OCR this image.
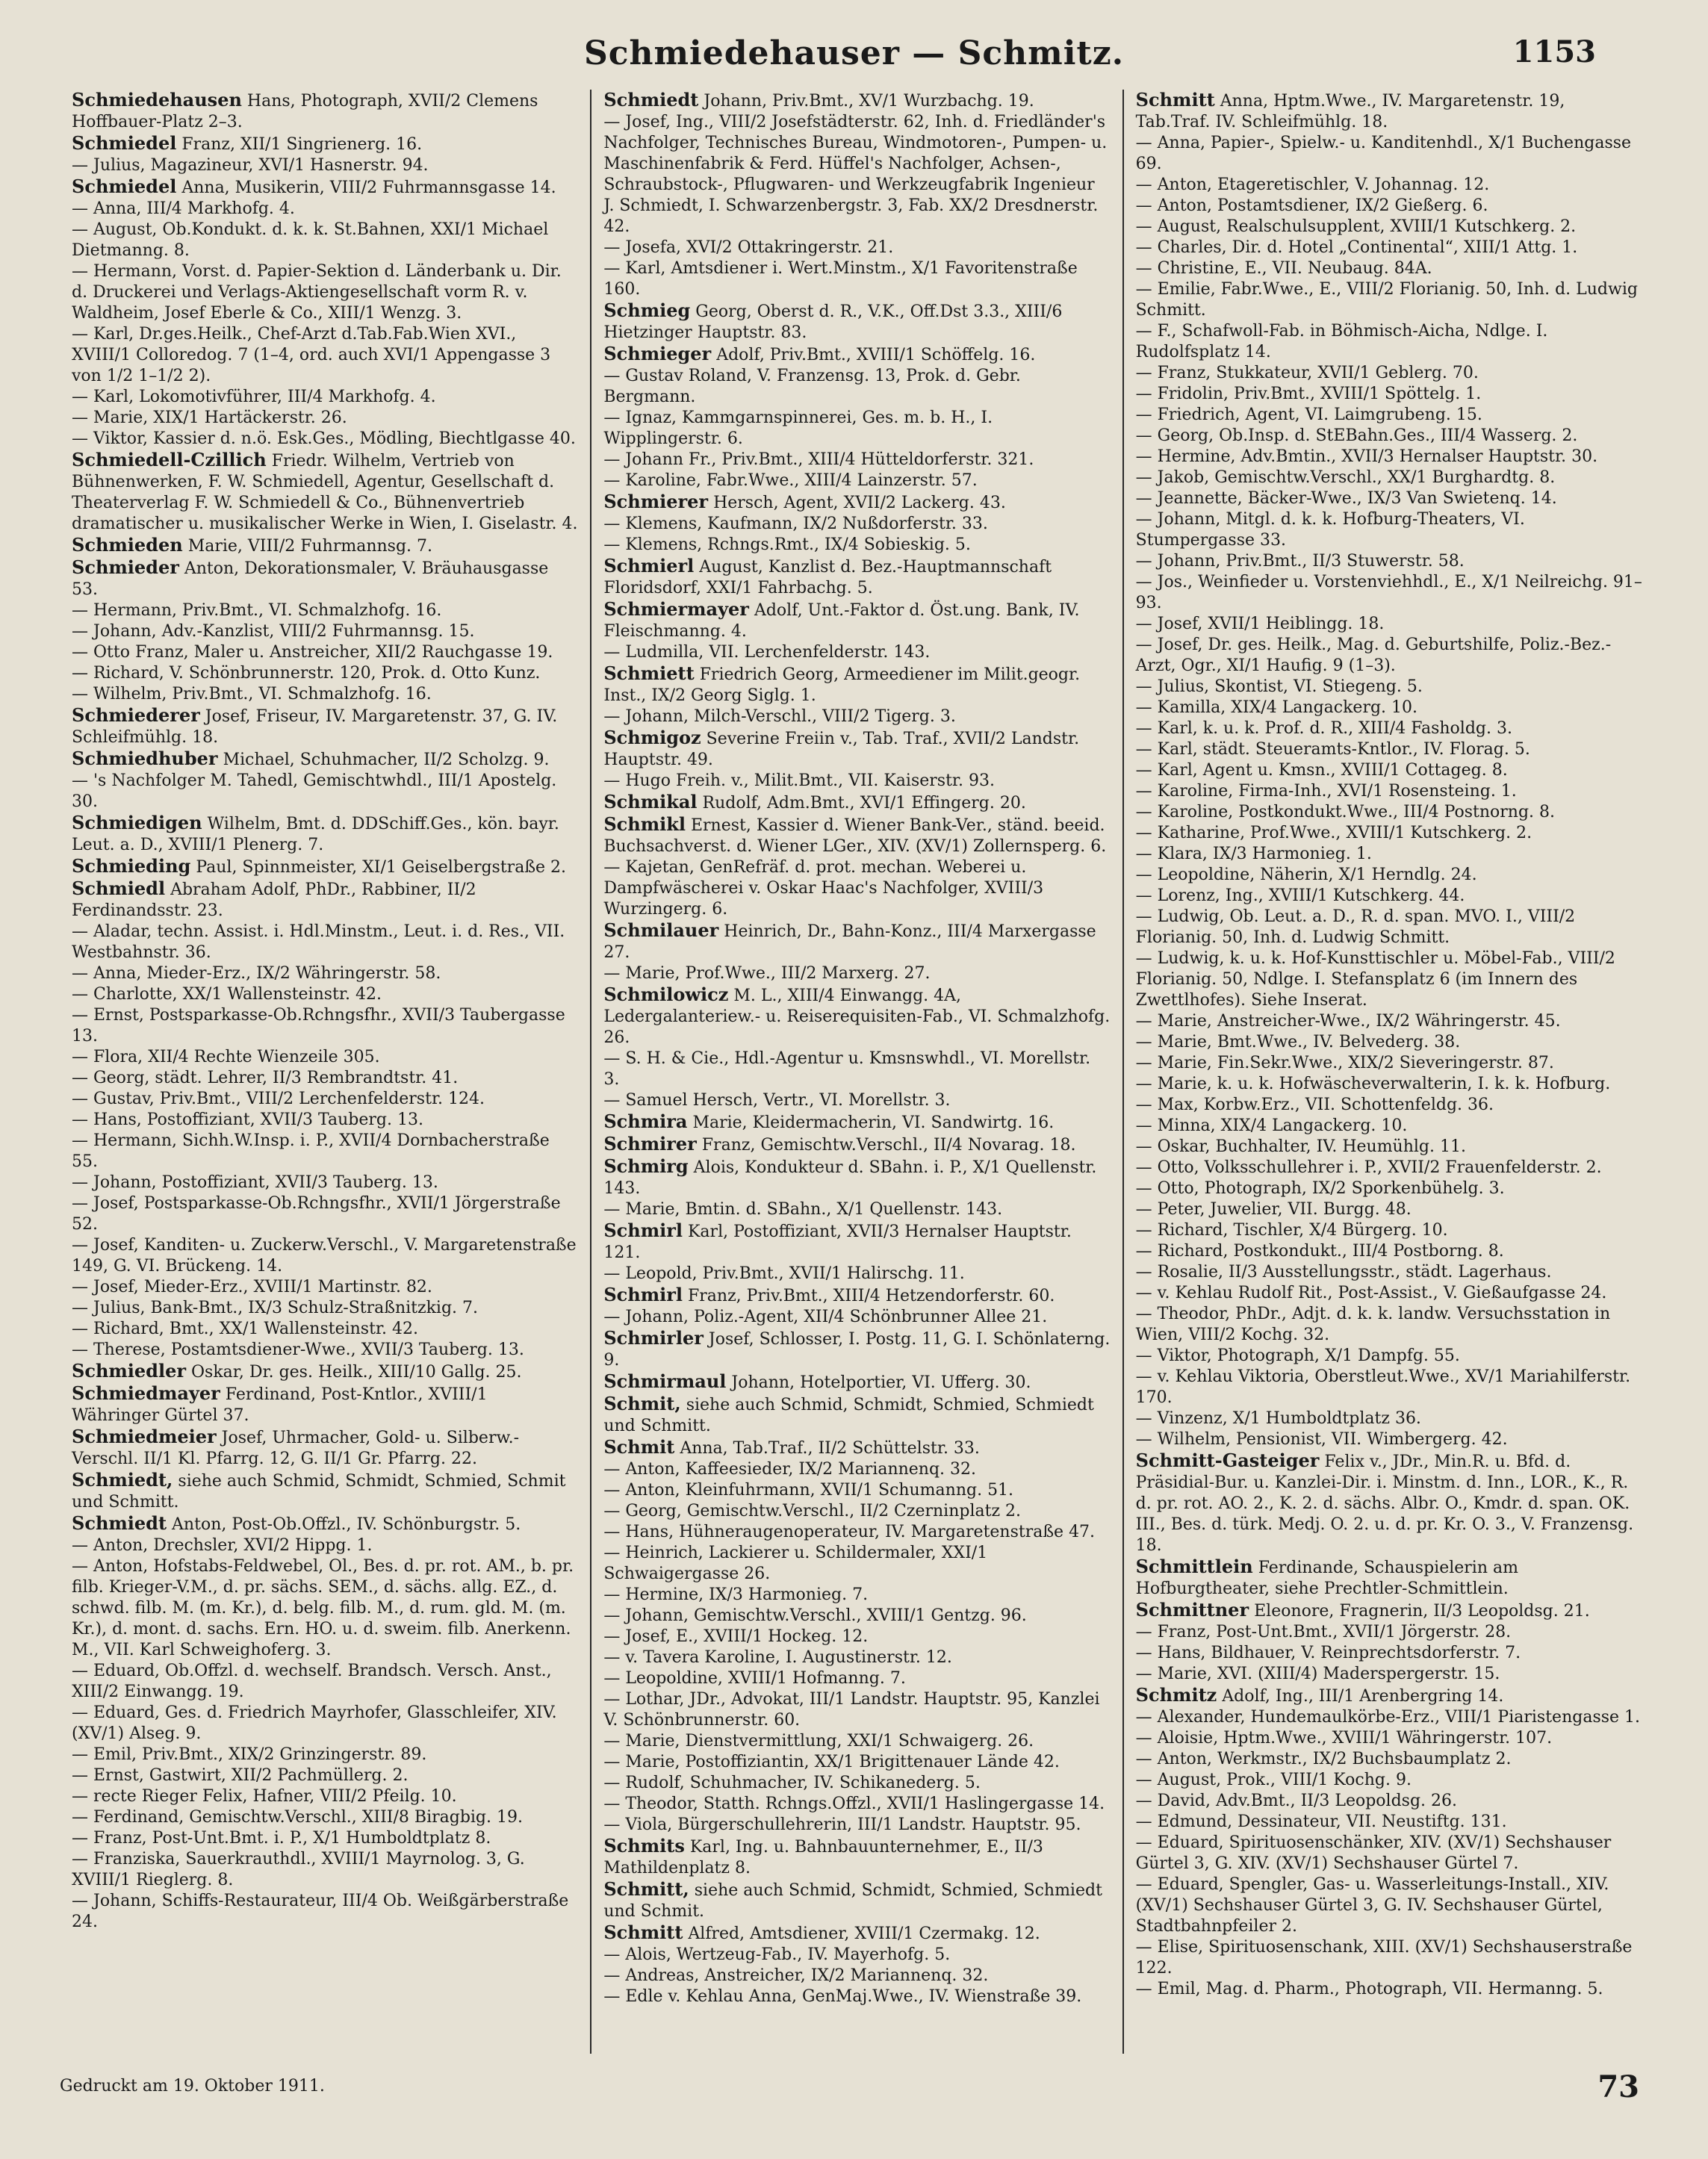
Schmiedehauser — Schmitz.	1153

Schmiedehausen Hans, Photograph, XVII/2 Clemens Hoffbauer-Platz 2–3.

Schmiedel Franz, XII/1 Singrienerg. 16.

— Julius, Magazineur, XVI/1 Hasnerstr. 94.

Schmiedel Anna, Musikerin, VIII/2 Fuhrmannsgasse 14.

— Anna, III/4 Markhofg. 4.

— August, Ob.Kondukt. d. k. k. St.Bahnen, XXI/1 Michael Dietmanng. 8.

— Hermann, Vorst. d. Papier-Sektion d. Länderbank u. Dir. d. Druckerei und Verlags-Aktiengesellschaft vorm R. v. Waldheim, Josef Eberle & Co., XIII/1 Wenzg. 3.

— Karl, Dr.ges.Heilk., Chef-Arzt d.Tab.Fab.Wien XVI., XVIII/1 Colloredog. 7 (1–4, ord. auch XVI/1 Appengasse 3 von 1/2 1–1/2 2).

— Karl, Lokomotivführer, III/4 Markhofg. 4.

— Marie, XIX/1 Hartäckerstr. 26.

— Viktor, Kassier d. n.ö. Esk.Ges., Mödling, Biechtlgasse 40.

Schmiedell-Czillich Friedr. Wilhelm, Vertrieb von Bühnenwerken, F. W. Schmiedell, Agentur, Gesellschaft d. Theaterverlag F. W. Schmiedell & Co., Bühnenvertrieb dramatischer u. musikalischer Werke in Wien, I. Giselastr. 4.

Schmieden Marie, VIII/2 Fuhrmannsg. 7.

Schmieder Anton, Dekorationsmaler, V. Bräuhausgasse 53.

— Hermann, Priv.Bmt., VI. Schmalzhofg. 16.

— Johann, Adv.-Kanzlist, VIII/2 Fuhrmannsg. 15.

— Otto Franz, Maler u. Anstreicher, XII/2 Rauchgasse 19.

— Richard, V. Schönbrunnerstr. 120, Prok. d. Otto Kunz.

— Wilhelm, Priv.Bmt., VI. Schmalzhofg. 16.

Schmiederer Josef, Friseur, IV. Margaretenstr. 37, G. IV. Schleifmühlg. 18.

Schmiedhuber Michael, Schuhmacher, II/2 Scholzg. 9.

— 's Nachfolger M. Tahedl, Gemischtwhdl., III/1 Apostelg. 30.

Schmiedigen Wilhelm, Bmt. d. DDSchiff.Ges., kön. bayr. Leut. a. D., XVIII/1 Plenerg. 7.

Schmieding Paul, Spinnmeister, XI/1 Geiselbergstraße 2.

Schmiedl Abraham Adolf, PhDr., Rabbiner, II/2 Ferdinandsstr. 23.

— Aladar, techn. Assist. i. Hdl.Minstm., Leut. i. d. Res., VII. Westbahnstr. 36.

— Anna, Mieder-Erz., IX/2 Währingerstr. 58.

— Charlotte, XX/1 Wallensteinstr. 42.

— Ernst, Postsparkasse-Ob.Rchngsfhr., XVII/3 Taubergasse 13.

— Flora, XII/4 Rechte Wienzeile 305.

— Georg, städt. Lehrer, II/3 Rembrandtstr. 41.

— Gustav, Priv.Bmt., VIII/2 Lerchenfelderstr. 124.

— Hans, Postoffiziant, XVII/3 Tauberg. 13.

— Hermann, Sichh.W.Insp. i. P., XVII/4 Dornbacherstraße 55.

— Johann, Postoffiziant, XVII/3 Tauberg. 13.

— Josef, Postsparkasse-Ob.Rchngsfhr., XVII/1 Jörgerstraße 52.

— Josef, Kanditen- u. Zuckerw.Verschl., V. Margaretenstraße 149, G. VI. Brückeng. 14.

— Josef, Mieder-Erz., XVIII/1 Martinstr. 82.

— Julius, Bank-Bmt., IX/3 Schulz-Straßnitzkig. 7.

— Richard, Bmt., XX/1 Wallensteinstr. 42.

— Therese, Postamtsdiener-Wwe., XVII/3 Tauberg. 13.

Schmiedler Oskar, Dr. ges. Heilk., XIII/10 Gallg. 25.

Schmiedmayer Ferdinand, Post-Kntlor., XVIII/1 Währinger Gürtel 37.

Schmiedmeier Josef, Uhrmacher, Gold- u. Silberw.-Verschl. II/1 Kl. Pfarrg. 12, G. II/1 Gr. Pfarrg. 22.

Schmiedt, siehe auch Schmid, Schmidt, Schmied, Schmit und Schmitt.

Schmiedt Anton, Post-Ob.Offzl., IV. Schönburgstr. 5.

— Anton, Drechsler, XVI/2 Hippg. 1.

— Anton, Hofstabs-Feldwebel, Ol., Bes. d. pr. rot. AM., b. pr. filb. Krieger-V.M., d. pr. sächs. SEM., d. sächs. allg. EZ., d. schwd. filb. M. (m. Kr.), d. belg. filb. M., d. rum. gld. M. (m. Kr.), d. mont. d. sachs. Ern. HO. u. d. sweim. filb. Anerkenn. M., VII. Karl Schweighoferg. 3.

— Eduard, Ob.Offzl. d. wechself. Brandsch. Versch. Anst., XIII/2 Einwangg. 19.

— Eduard, Ges. d. Friedrich Mayrhofer, Glasschleifer, XIV. (XV/1) Alseg. 9.

— Emil, Priv.Bmt., XIX/2 Grinzingerstr. 89.

— Ernst, Gastwirt, XII/2 Pachmüllerg. 2.

— recte Rieger Felix, Hafner, VIII/2 Pfeilg. 10.

— Ferdinand, Gemischtw.Verschl., XIII/8 Biragbig. 19.

— Franz, Post-Unt.Bmt. i. P., X/1 Humboldtplatz 8.

— Franziska, Sauerkrauthdl., XVIII/1 Mayrnolog. 3, G. XVIII/1 Rieglerg. 8.

— Johann, Schiffs-Restaurateur, III/4 Ob. Weißgärberstraße 24.

Schmiedt Johann, Priv.Bmt., XV/1 Wurzbachg. 19.

— Josef, Ing., VIII/2 Josefstädterstr. 62, Inh. d. Friedländer's Nachfolger, Technisches Bureau, Windmotoren-, Pumpen- u. Maschinenfabrik & Ferd. Hüffel's Nachfolger, Achsen-, Schraubstock-, Pflugwaren- und Werkzeugfabrik Ingenieur J. Schmiedt, I. Schwarzenbergstr. 3, Fab. XX/2 Dresdnerstr. 42.

— Josefa, XVI/2 Ottakringerstr. 21.

— Karl, Amtsdiener i. Wert.Minstm., X/1 Favoritenstraße 160.

Schmieg Georg, Oberst d. R., V.K., Off.Dst 3.3., XIII/6 Hietzinger Hauptstr. 83.

Schmieger Adolf, Priv.Bmt., XVIII/1 Schöffelg. 16.

— Gustav Roland, V. Franzensg. 13, Prok. d. Gebr. Bergmann.

— Ignaz, Kammgarnspinnerei, Ges. m. b. H., I. Wipplingerstr. 6.

— Johann Fr., Priv.Bmt., XIII/4 Hütteldorferstr. 321.

— Karoline, Fabr.Wwe., XIII/4 Lainzerstr. 57.

Schmierer Hersch, Agent, XVII/2 Lackerg. 43.

— Klemens, Kaufmann, IX/2 Nußdorferstr. 33.

— Klemens, Rchngs.Rmt., IX/4 Sobieskig. 5.

Schmierl August, Kanzlist d. Bez.-Hauptmannschaft Floridsdorf, XXI/1 Fahrbachg. 5.

Schmiermayer Adolf, Unt.-Faktor d. Öst.ung. Bank, IV. Fleischmanng. 4.

— Ludmilla, VII. Lerchenfelderstr. 143.

Schmiett Friedrich Georg, Armeediener im Milit.geogr. Inst., IX/2 Georg Siglg. 1.

— Johann, Milch-Verschl., VIII/2 Tigerg. 3.

Schmigoz Severine Freiin v., Tab. Traf., XVII/2 Landstr. Hauptstr. 49.

— Hugo Freih. v., Milit.Bmt., VII. Kaiserstr. 93.

Schmikal Rudolf, Adm.Bmt., XVI/1 Effingerg. 20.

Schmikl Ernest, Kassier d. Wiener Bank-Ver., ständ. beeid. Buchsachverst. d. Wiener LGer., XIV. (XV/1) Zollernsperg. 6.

— Kajetan, GenRefräf. d. prot. mechan. Weberei u. Dampfwäscherei v. Oskar Haac's Nachfolger, XVIII/3 Wurzingerg. 6.

Schmilauer Heinrich, Dr., Bahn-Konz., III/4 Marxergasse 27.

— Marie, Prof.Wwe., III/2 Marxerg. 27.

Schmilowicz M. L., XIII/4 Einwangg. 4A, Ledergalanteriew.- u. Reiserequisiten-Fab., VI. Schmalzhofg. 26.

— S. H. & Cie., Hdl.-Agentur u. Kmsnswhdl., VI. Morellstr. 3.

— Samuel Hersch, Vertr., VI. Morellstr. 3.

Schmira Marie, Kleidermacherin, VI. Sandwirtg. 16.

Schmirer Franz, Gemischtw.Verschl., II/4 Novarag. 18.

Schmirg Alois, Kondukteur d. SBahn. i. P., X/1 Quellenstr. 143.

— Marie, Bmtin. d. SBahn., X/1 Quellenstr. 143.

Schmirl Karl, Postoffiziant, XVII/3 Hernalser Hauptstr. 121.

— Leopold, Priv.Bmt., XVII/1 Halirschg. 11.

Schmirl Franz, Priv.Bmt., XIII/4 Hetzendorferstr. 60.

— Johann, Poliz.-Agent, XII/4 Schönbrunner Allee 21.

Schmirler Josef, Schlosser, I. Postg. 11, G. I. Schönlaterng. 9.

Schmirmaul Johann, Hotelportier, VI. Ufferg. 30.

Schmit, siehe auch Schmid, Schmidt, Schmied, Schmiedt und Schmitt.

Schmit Anna, Tab.Traf., II/2 Schüttelstr. 33.

— Anton, Kaffeesieder, IX/2 Mariannenq. 32.

— Anton, Kleinfuhrmann, XVII/1 Schumanng. 51.

— Georg, Gemischtw.Verschl., II/2 Czerninplatz 2.

— Hans, Hühneraugenoperateur, IV. Margaretenstraße 47.

— Heinrich, Lackierer u. Schildermaler, XXI/1 Schwaigergasse 26.

— Hermine, IX/3 Harmonieg. 7.

— Johann, Gemischtw.Verschl., XVIII/1 Gentzg. 96.

— Josef, E., XVIII/1 Hockeg. 12.

— v. Tavera Karoline, I. Augustinerstr. 12.

— Leopoldine, XVIII/1 Hofmanng. 7.

— Lothar, JDr., Advokat, III/1 Landstr. Hauptstr. 95, Kanzlei V. Schönbrunnerstr. 60.

— Marie, Dienstvermittlung, XXI/1 Schwaigerg. 26.

— Marie, Postoffiziantin, XX/1 Brigittenauer Lände 42.

— Rudolf, Schuhmacher, IV. Schikanederg. 5.

— Theodor, Statth. Rchngs.Offzl., XVII/1 Haslingergasse 14.

— Viola, Bürgerschullehrerin, III/1 Landstr. Hauptstr. 95.

Schmits Karl, Ing. u. Bahnbauunternehmer, E., II/3 Mathildenplatz 8.

Schmitt, siehe auch Schmid, Schmidt, Schmied, Schmiedt und Schmit.

Schmitt Alfred, Amtsdiener, XVIII/1 Czermakg. 12.

— Alois, Wertzeug-Fab., IV. Mayerhofg. 5.

— Andreas, Anstreicher, IX/2 Mariannenq. 32.

— Edle v. Kehlau Anna, GenMaj.Wwe., IV. Wienstraße 39.

Schmitt Anna, Hptm.Wwe., IV. Margaretenstr. 19, Tab.Traf. IV. Schleifmühlg. 18.

— Anna, Papier-, Spielw.- u. Kanditenhdl., X/1 Buchengasse 69.

— Anton, Etageretischler, V. Johannag. 12.

— Anton, Postamtsdiener, IX/2 Gießerg. 6.

— August, Realschulsupplent, XVIII/1 Kutschkerg. 2.

— Charles, Dir. d. Hotel „Continental“, XIII/1 Attg. 1.

— Christine, E., VII. Neubaug. 84A.

— Emilie, Fabr.Wwe., E., VIII/2 Florianig. 50, Inh. d. Ludwig Schmitt.

— F., Schafwoll-Fab. in Böhmisch-Aicha, Ndlge. I. Rudolfsplatz 14.

— Franz, Stukkateur, XVII/1 Geblerg. 70.

— Fridolin, Priv.Bmt., XVIII/1 Spöttelg. 1.

— Friedrich, Agent, VI. Laimgrubeng. 15.

— Georg, Ob.Insp. d. StEBahn.Ges., III/4 Wasserg. 2.

— Hermine, Adv.Bmtin., XVII/3 Hernalser Hauptstr. 30.

— Jakob, Gemischtw.Verschl., XX/1 Burghardtg. 8.

— Jeannette, Bäcker-Wwe., IX/3 Van Swietenq. 14.

— Johann, Mitgl. d. k. k. Hofburg-Theaters, VI. Stumpergasse 33.

— Johann, Priv.Bmt., II/3 Stuwerstr. 58.

— Jos., Weinfieder u. Vorstenviehhdl., E., X/1 Neilreichg. 91–93.

— Josef, XVII/1 Heiblingg. 18.

— Josef, Dr. ges. Heilk., Mag. d. Geburtshilfe, Poliz.-Bez.-Arzt, Ogr., XI/1 Haufig. 9 (1–3).

— Julius, Skontist, VI. Stiegeng. 5.

— Kamilla, XIX/4 Langackerg. 10.

— Karl, k. u. k. Prof. d. R., XIII/4 Fasholdg. 3.

— Karl, städt. Steueramts-Kntlor., IV. Florag. 5.

— Karl, Agent u. Kmsn., XVIII/1 Cottageg. 8.

— Karoline, Firma-Inh., XVI/1 Rosensteing. 1.

— Karoline, Postkondukt.Wwe., III/4 Postnorng. 8.

— Katharine, Prof.Wwe., XVIII/1 Kutschkerg. 2.

— Klara, IX/3 Harmonieg. 1.

— Leopoldine, Näherin, X/1 Herndlg. 24.

— Lorenz, Ing., XVIII/1 Kutschkerg. 44.

— Ludwig, Ob. Leut. a. D., R. d. span. MVO. I., VIII/2 Florianig. 50, Inh. d. Ludwig Schmitt.

— Ludwig, k. u. k. Hof-Kunsttischler u. Möbel-Fab., VIII/2 Florianig. 50, Ndlge. I. Stefansplatz 6 (im Innern des Zwettlhofes). Siehe Inserat.

— Marie, Anstreicher-Wwe., IX/2 Währingerstr. 45.

— Marie, Bmt.Wwe., IV. Belvederg. 38.

— Marie, Fin.Sekr.Wwe., XIX/2 Sieveringerstr. 87.

— Marie, k. u. k. Hofwäscheverwalterin, I. k. k. Hofburg.

— Max, Korbw.Erz., VII. Schottenfeldg. 36.

— Minna, XIX/4 Langackerg. 10.

— Oskar, Buchhalter, IV. Heumühlg. 11.

— Otto, Volksschullehrer i. P., XVII/2 Frauenfelderstr. 2.

— Otto, Photograph, IX/2 Sporkenbühelg. 3.

— Peter, Juwelier, VII. Burgg. 48.

— Richard, Tischler, X/4 Bürgerg. 10.

— Richard, Postkondukt., III/4 Postborng. 8.

— Rosalie, II/3 Ausstellungsstr., städt. Lagerhaus.

— v. Kehlau Rudolf Rit., Post-Assist., V. Gießaufgasse 24.

— Theodor, PhDr., Adjt. d. k. k. landw. Versuchsstation in Wien, VIII/2 Kochg. 32.

— Viktor, Photograph, X/1 Dampfg. 55.

— v. Kehlau Viktoria, Oberstleut.Wwe., XV/1 Mariahilferstr. 170.

— Vinzenz, X/1 Humboldtplatz 36.

— Wilhelm, Pensionist, VII. Wimbergerg. 42.

Schmitt-Gasteiger Felix v., JDr., Min.R. u. Bfd. d. Präsidial-Bur. u. Kanzlei-Dir. i. Minstm. d. Inn., LOR., K., R. d. pr. rot. AO. 2., K. 2. d. sächs. Albr. O., Kmdr. d. span. OK. III., Bes. d. türk. Medj. O. 2. u. d. pr. Kr. O. 3., V. Franzensg. 18.

Schmittlein Ferdinande, Schauspielerin am Hofburgtheater, siehe Prechtler-Schmittlein.

Schmittner Eleonore, Fragnerin, II/3 Leopoldsg. 21.

— Franz, Post-Unt.Bmt., XVII/1 Jörgerstr. 28.

— Hans, Bildhauer, V. Reinprechtsdorferstr. 7.

— Marie, XVI. (XIII/4) Maderspergerstr. 15.

Schmitz Adolf, Ing., III/1 Arenbergring 14.

— Alexander, Hundemaulkörbe-Erz., VIII/1 Piaristengasse 1.

— Aloisie, Hptm.Wwe., XVIII/1 Währingerstr. 107.

— Anton, Werkmstr., IX/2 Buchsbaumplatz 2.

— August, Prok., VIII/1 Kochg. 9.

— David, Adv.Bmt., II/3 Leopoldsg. 26.

— Edmund, Dessinateur, VII. Neustiftg. 131.

— Eduard, Spirituosenschänker, XIV. (XV/1) Sechshauser Gürtel 3, G. XIV. (XV/1) Sechshauser Gürtel 7.

— Eduard, Spengler, Gas- u. Wasserleitungs-Install., XIV. (XV/1) Sechshauser Gürtel 3, G. IV. Sechshauser Gürtel, Stadtbahnpfeiler 2.

— Elise, Spirituosenschank, XIII. (XV/1) Sechshauserstraße 122.

— Emil, Mag. d. Pharm., Photograph, VII. Hermanng. 5.

Gedruckt am 19. Oktober 1911.	73
